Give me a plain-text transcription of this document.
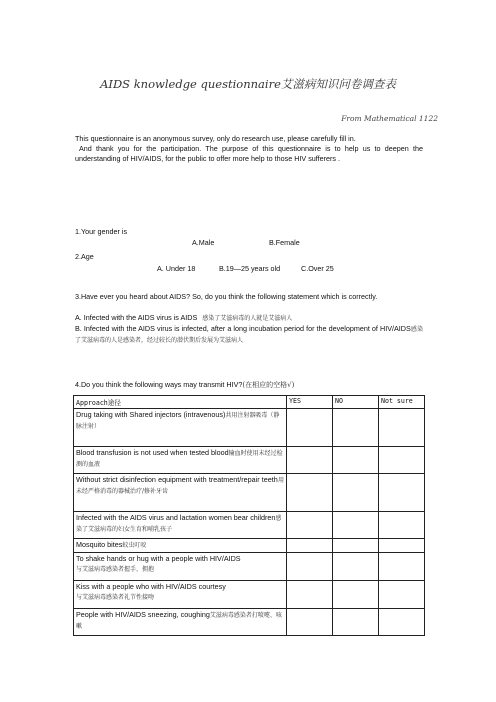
AIDS knowledge questionnaire艾滋病知识问卷调查表
From Mathematical 1122

This questionnaire is an anonymous survey, only do research use, please carefully fill in.

And thank you for the participation. The purpose of this questionnaire is to help us to deepen the understanding of HIV/AIDS, for the public to offer more help to those HIV sufferers .

1.Your gender is
A.Male	B.Female
2.Age
A. Under 18	B.19—25 years old	C.Over 25
3.Have ever you heard about AIDS? So, do you think the following statement which is correctly.
A. Infected with the AIDS virus is AIDS 感染了艾滋病毒的人就是艾滋病人
B. Infected with the AIDS virus is infected, after a long incubation period for the development of HIV/AIDS感染了艾滋病毒的人是感染者，经过较长的潜伏期后发展为艾滋病人
4.Do you think the following ways may transmit HIV?(在相应的空格√)
Approach途径	YES	NO	Not sure
Drug taking with Shared injectors (intravenous)共用注射器吸毒（静脉注射）			
Blood transfusion is not used when tested blood输血时使用未经过检测的血液			
Without strict disinfection equipment with treatment/repair teeth用未经严格消毒的器械治疗/修补牙齿			
Infected with the AIDS virus and lactation women bear children感染了艾滋病毒的妇女生育和哺乳孩子			
Mosquito bites蚊虫叮咬			
To shake hands or hug with a people with HIV/AIDS
与艾滋病毒感染者握手、拥抱			
Kiss with a people who with HIV/AIDS courtesy
与艾滋病毒感染者礼节性接吻			
People with HIV/AIDS sneezing, coughing艾滋病毒感染者打喷嚏、咳嗽			
